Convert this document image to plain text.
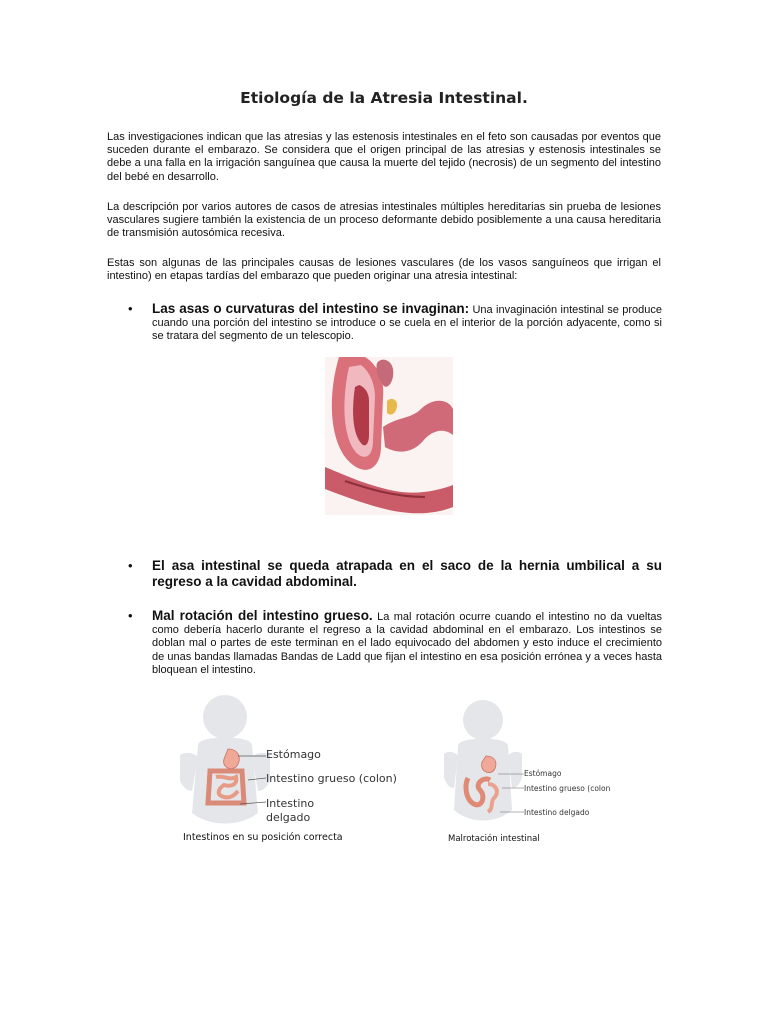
Etiología de la Atresia Intestinal.
Las investigaciones indican que las atresias y las estenosis intestinales en el feto son causadas por eventos que suceden durante el embarazo. Se considera que el origen principal de las atresias y estenosis intestinales se debe a una falla en la irrigación sanguínea que causa la muerte del tejido (necrosis) de un segmento del intestino del bebé en desarrollo.
La descripción por varios autores de casos de atresias intestinales múltiples hereditarias sin prueba de lesiones vasculares sugiere también la existencia de un proceso deformante debido posiblemente a una causa hereditaria de transmisión autosómica recesiva.
Estas son algunas de las principales causas de lesiones vasculares (de los vasos sanguíneos que irrigan el intestino) en etapas tardías del embarazo que pueden originar una atresia intestinal:
• Las asas o curvaturas del intestino se invaginan: Una invaginación intestinal se produce cuando una porción del intestino se introduce o se cuela en el interior de la porción adyacente, como si se tratara del segmento de un telescopio.
• El asa intestinal se queda atrapada en el saco de la hernia umbilical a su regreso a la cavidad abdominal.
• Mal rotación del intestino grueso. La mal rotación ocurre cuando el intestino no da vueltas como debería hacerlo durante el regreso a la cavidad abdominal en el embarazo. Los intestinos se doblan mal o partes de este terminan en el lado equivocado del abdomen y esto induce el crecimiento de unas bandas llamadas Bandas de Ladd que fijan el intestino en esa posición errónea y a veces hasta bloquean el intestino.
Estómago
Intestino grueso (colon)
Intestino
delgado
Intestinos en su posición correcta
Estómago
Intestino grueso (colon
Intestino delgado
Malrotación intestinal
